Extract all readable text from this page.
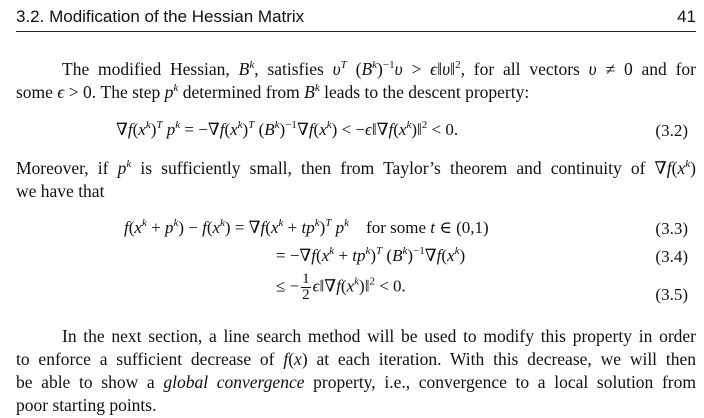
3.2. Modification of the Hessian Matrix	41
The modified Hessian, $B^k$, satisfies $\upsilon^T$ $(B^k)^{-1}\upsilon$ > ϵ‖υ‖$^2$, for all vectors υ ≠ 0 and for
some ϵ > 0. The step $p^k$ determined from $B^k$ leads to the descent property:
$\nabla f(x^k)^T$ $p^k = -\nabla f(x^k)^T$ $(B^k)^{-1}\nabla f(x^k)$ < $-\epsilon‖\nabla f(x^k)‖^2 < 0$.	(3.2)
Moreover, if $p^k$ is sufficiently small, then from Taylor’s theorem and continuity of $\nabla f(x^k)$
we have that
$f(x^k + p^k) - f(x^k) = \nabla f(x^k + tp^k)^T$ $p^k$ for some t ∈ (0,1)	(3.3)
= $-\nabla f(x^k + tp^k)^T$ $(B^k)^{-1}\nabla f(x^k)$	(3.4)
≤ − $\frac{1}{2}$ $\epsilon‖\nabla f(x^k)‖^2 < 0$.	(3.5)
In the next section, a line search method will be used to modify this property in order
to enforce a sufficient decrease of f(x) at each iteration. With this decrease, we will then
be able to show a global convergence property, i.e., convergence to a local solution from
poor starting points.
